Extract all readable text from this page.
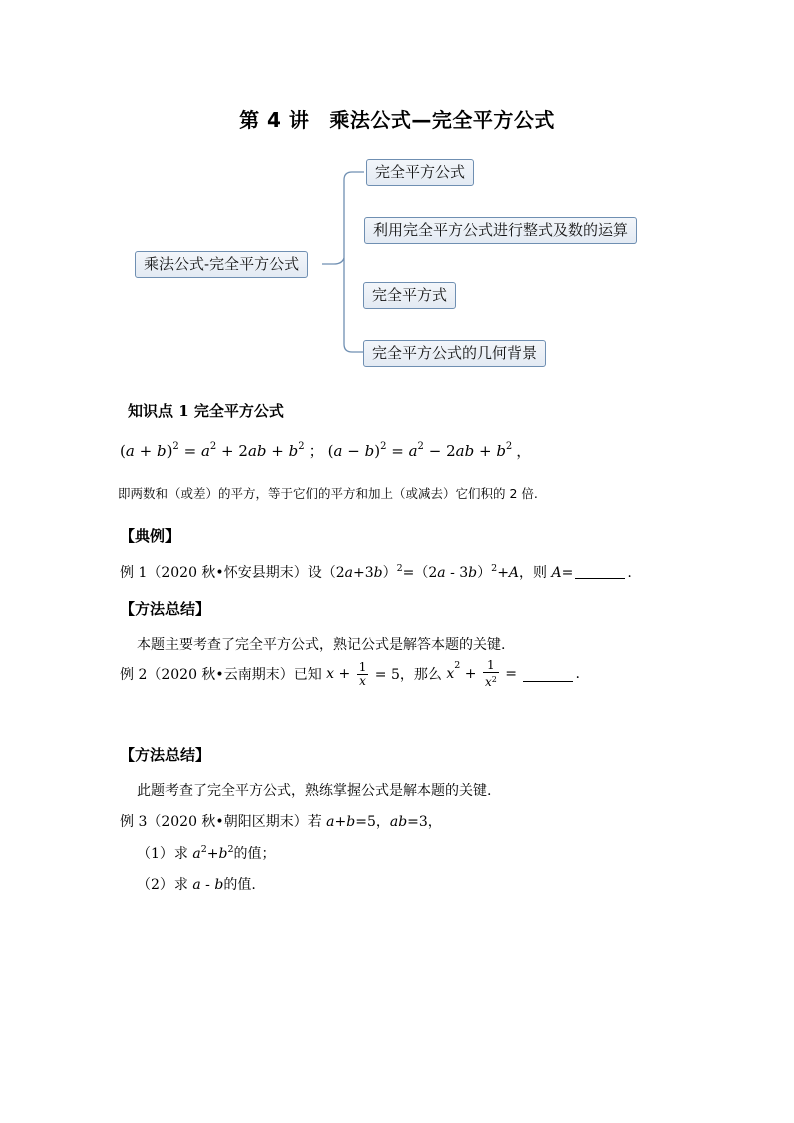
第 4 讲 乘法公式—完全平方公式
乘法公式-完全平方公式
完全平方公式
利用完全平方公式进行整式及数的运算
完全平方式
完全平方公式的几何背景
知识点 1 完全平方公式
$(a + b)^2 = a^2 + 2ab + b^2$ ； $(a - b)^2 = a^2 - 2ab + b^2$ ，
即两数和（或差）的平方，等于它们的平方和加上（或减去）它们积的 2 倍.
【典例】
例 1（2020 秋•怀安县期末）设$(2a+3b)^2=(2a - 3b)^2+A$，则 A=	.
【方法总结】
本题主要考查了完全平方公式，熟记公式是解答本题的关键.
例 2（2020 秋•云南期末）已知 $x + \frac{1}{x} = 5$，那么 $x^2 + \frac{1}{x^2}$ =	.
【方法总结】
此题考查了完全平方公式，熟练掌握公式是解本题的关键.
例 3（2020 秋•朝阳区期末）若 a+b=5，ab=3，
（1）求 $a^2+b^2$的值；
（2）求 a - b的值.
